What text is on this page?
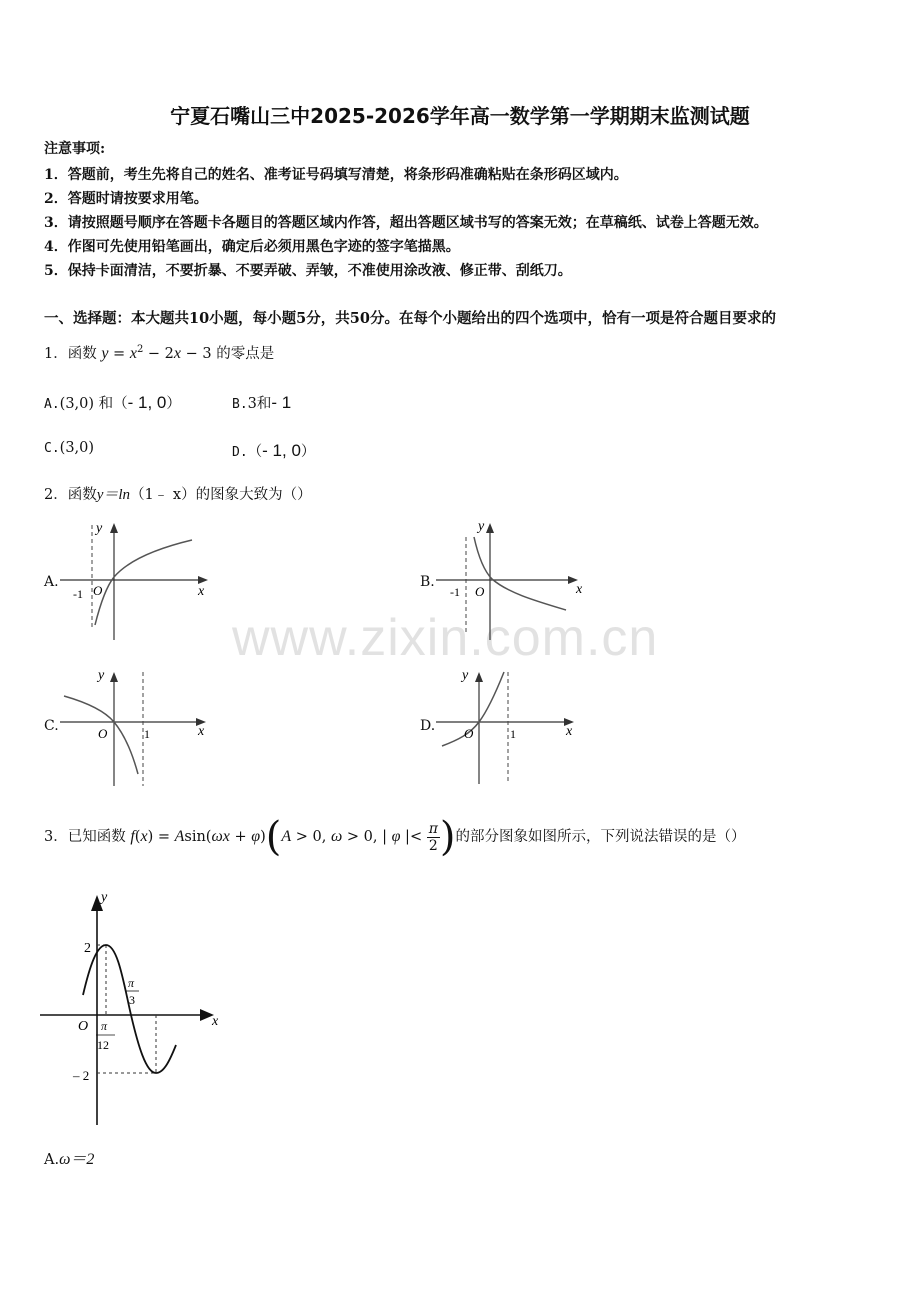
宁夏石嘴山三中2025-2026学年高一数学第一学期期末监测试题
注意事项:
1．答题前，考生先将自己的姓名、准考证号码填写清楚，将条形码准确粘贴在条形码区域内。
2．答题时请按要求用笔。
3．请按照题号顺序在答题卡各题目的答题区域内作答，超出答题区域书写的答案无效；在草稿纸、试卷上答题无效。
4．作图可先使用铅笔画出，确定后必须用黑色字迹的签字笔描黑。
5．保持卡面清洁，不要折暴、不要弄破、弄皱，不准使用涂改液、修正带、刮纸刀。
一、选择题：本大题共10小题，每小题5分，共50分。在每个小题给出的四个选项中，恰有一项是符合题目要求的
1．函数 $y = x^2 - 2x - 3$ 的零点是
A.(3,0) 和（- 1, 0）	B.3和- 1
C.(3,0)	D.（- 1, 0）
2．函数y＝ln（1﹣ x）的图象大致为（）
www.zixin.com.cn
A.
y
x
O
-1
B.
y
x
O
-1
C.
y
x
O	1	D.
y
x
O	1
3．已知函数 f(x) = Asin(ωx + φ)(A > 0, ω > 0, | φ |< $\frac{\pi}{2}$ )的部分图象如图所示，下列说法错误的是（）
y
x
O
2
– 2
π
3
π
12
A.ω＝2
